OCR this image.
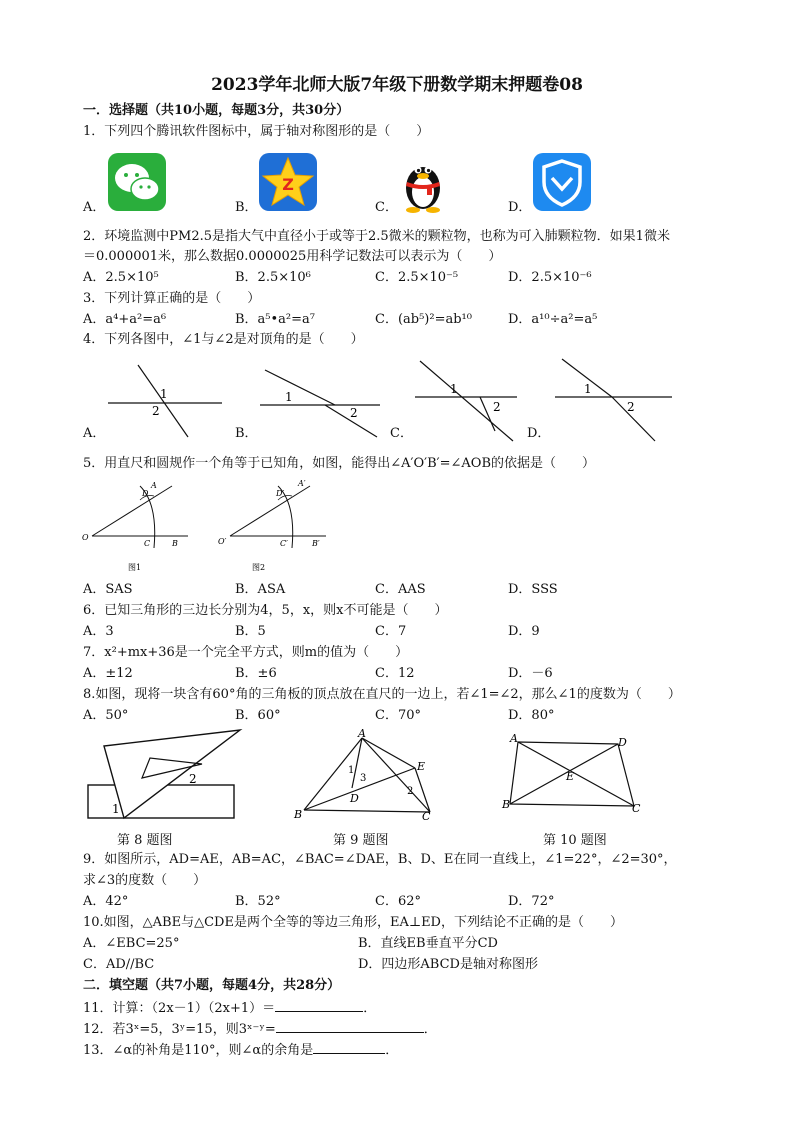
2023学年北师大版7年级下册数学期末押题卷08
一．选择题（共10小题，每题3分，共30分）
1．下列四个腾讯软件图标中，属于轴对称图形的是（　　）
Z
A．	B．	C．	D．
2．环境监测中PM2.5是指大气中直径小于或等于2.5微米的颗粒物，也称为可入肺颗粒物．如果1微米
＝0.000001米，那么数据0.0000025用科学记数法可以表示为（　　）
A．2.5×10⁵	B．2.5×10⁶	C．2.5×10⁻⁵	D．2.5×10⁻⁶
3．下列计算正确的是（　　）
A．a⁴+a²=a⁶	B．a⁵•a²=a⁷	C．(ab⁵)²=ab¹⁰	D．a¹⁰÷a²=a⁵
4．下列各图中，∠1与∠2是对顶角的是（　　）
1
2
1
2
1
2
1
2
A．	B．	C．	D．
5．用直尺和圆规作一个角等于已知角，如图，能得出∠A′O′B′=∠AOB的依据是（　　）
O
A
D
C	B
图1
O′
A′
D′
C′	B′
图2
A．SAS	B．ASA	C．AAS	D．SSS
6．已知三角形的三边长分别为4，5，x，则x不可能是（　　）
A．3	B．5	C．7	D．9
7．x²+mx+36是一个完全平方式，则m的值为（　　）
A．±12	B．±6	C．12	D．－6
8.如图，现将一块含有60°角的三角板的顶点放在直尺的一边上，若∠1=∠2，那么∠1的度数为（　　）
A．50°	B．60°	C．70°	D．80°
1
2
A
B	C
D
E
1
3
2
A	D
B	C
E
第 8 题图	第 9 题图	第 10 题图
9．如图所示，AD=AE，AB=AC，∠BAC=∠DAE，B、D、E在同一直线上，∠1=22°，∠2=30°，
求∠3的度数（　　）
A．42°	B．52°	C．62°	D．72°
10.如图，△ABE与△CDE是两个全等的等边三角形，EA⊥ED，下列结论不正确的是（　　）
A．∠EBC=25°	B．直线EB垂直平分CD
C．AD//BC	D．四边形ABCD是轴对称图形
二．填空题（共7小题，每题4分，共28分）
11．计算：（2x－1）（2x+1）＝	．
12．若3ˣ=5，3ʸ=15，则3ˣ⁻ʸ=	．
13．∠α的补角是110°，则∠α的余角是	．
